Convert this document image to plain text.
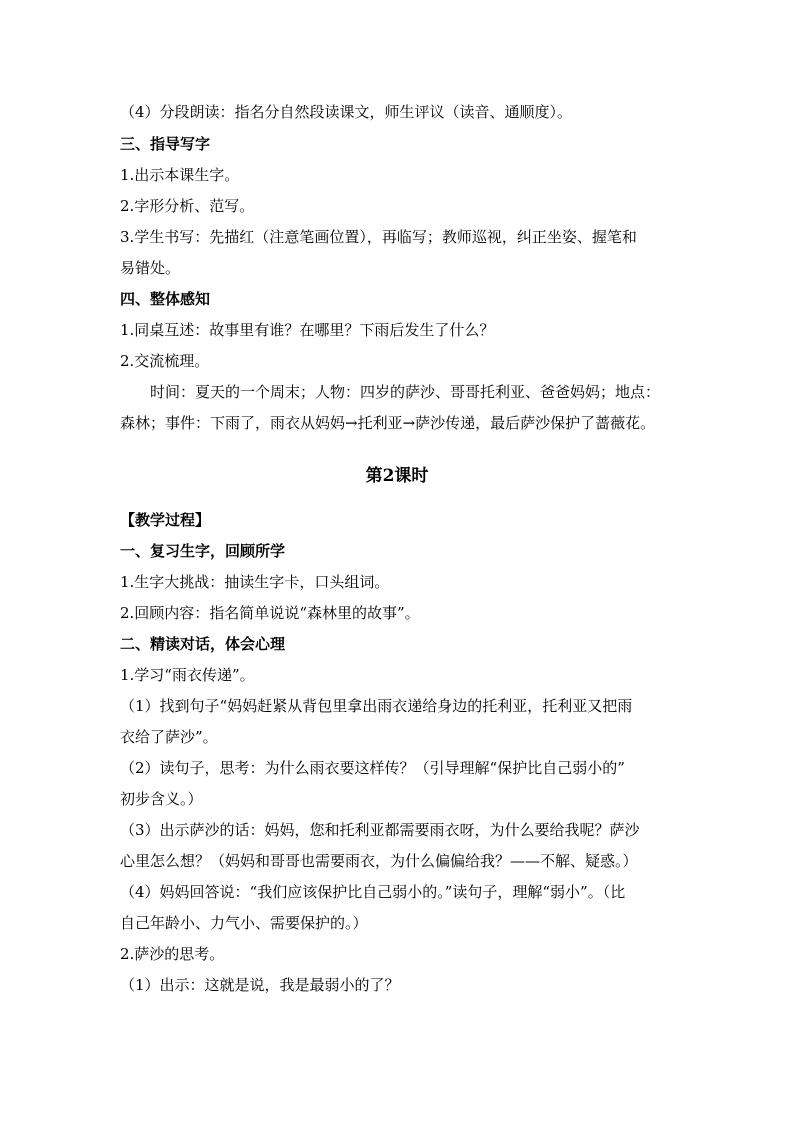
（4）分段朗读：指名分自然段读课文，师生评议（读音、通顺度）。
三、指导写字
1.出示本课生字。
2.字形分析、范写。
3.学生书写：先描红（注意笔画位置），再临写；教师巡视，纠正坐姿、握笔和
易错处。
四、整体感知
1.同桌互述：故事里有谁？在哪里？下雨后发生了什么？
2.交流梳理。
时间：夏天的一个周末；人物：四岁的萨沙、哥哥托利亚、爸爸妈妈；地点：
森林；事件：下雨了，雨衣从妈妈→托利亚→萨沙传递，最后萨沙保护了蔷薇花。
第2课时
【教学过程】
一、复习生字，回顾所学
1.生字大挑战：抽读生字卡，口头组词。
2.回顾内容：指名简单说说“森林里的故事”。
二、精读对话，体会心理
1.学习“雨衣传递”。
（1）找到句子“妈妈赶紧从背包里拿出雨衣递给身边的托利亚，托利亚又把雨
衣给了萨沙”。
（2）读句子，思考：为什么雨衣要这样传？（引导理解“保护比自己弱小的”
初步含义。）
（3）出示萨沙的话：妈妈，您和托利亚都需要雨衣呀，为什么要给我呢？萨沙
心里怎么想？（妈妈和哥哥也需要雨衣，为什么偏偏给我？——不解、疑惑。）
（4）妈妈回答说：“我们应该保护比自己弱小的。”读句子，理解“弱小”。（比
自己年龄小、力气小、需要保护的。）
2.萨沙的思考。
（1）出示：这就是说，我是最弱小的了？
